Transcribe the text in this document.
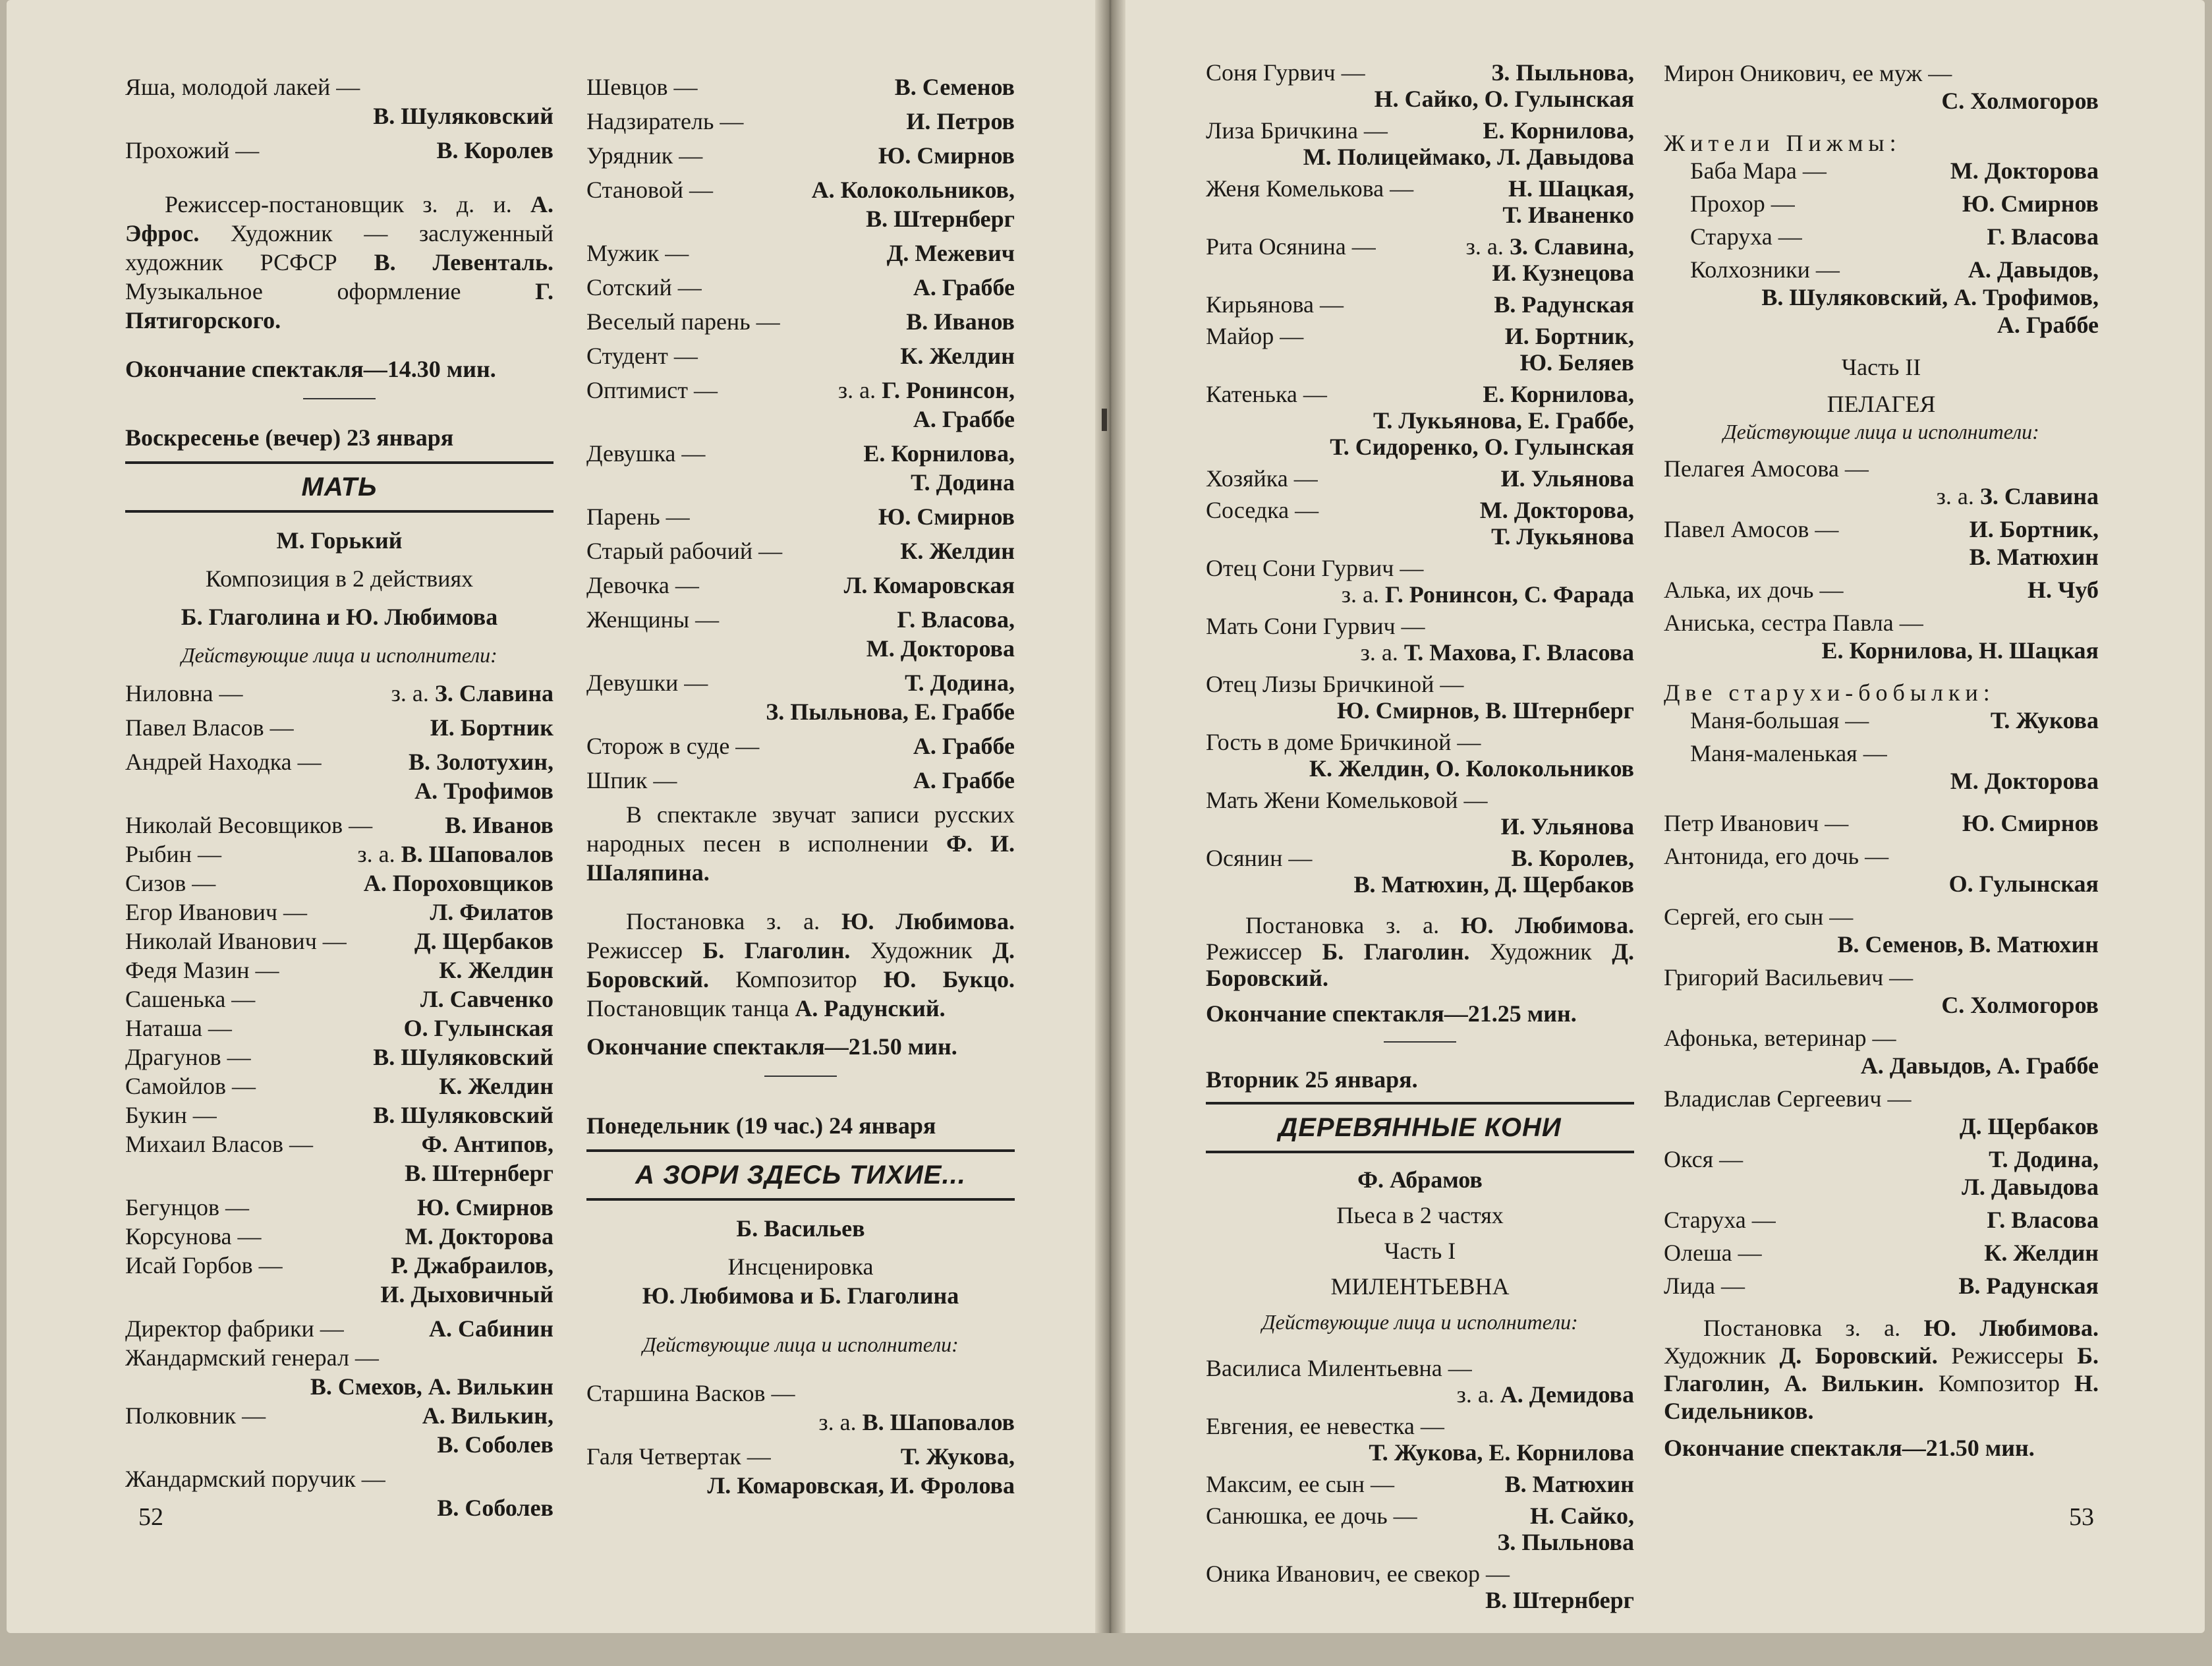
Яша, молодой лакей —
В. Шуляковский
Прохожий —	В. Королев
Режиссер-постановщик з. д. и. А. Эфрос. Художник — заслуженный художник РСФСР В. Левенталь. Музыкальное оформление Г. Пятигорского.
Окончание спектакля—14.30 мин.
Воскресенье (вечер) 23 января
МАТЬ
М. Горький
Композиция в 2 действиях
Б. Глаголина и Ю. Любимова
Действующие лица и исполнители:
Ниловна —	з. а. З. Славина
Павел Власов —	И. Бортник
Андрей Находка —	В. Золотухин,
А. Трофимов
Николай Весовщиков —	В. Иванов
Рыбин —	з. а. В. Шаповалов
Сизов —	А. Пороховщиков
Егор Иванович —	Л. Филатов
Николай Иванович —	Д. Щербаков
Федя Мазин —	К. Желдин
Сашенька —	Л. Савченко
Наташа —	О. Гулынская
Драгунов —	В. Шуляковский
Самойлов —	К. Желдин
Букин —	В. Шуляковский
Михаил Власов —	Ф. Антипов,
В. Штернберг
Бегунцов —	Ю. Смирнов
Корсунова —	М. Докторова
Исай Горбов —	Р. Джабраилов,
И. Дыховичный
Директор фабрики —	А. Сабинин
Жандармский генерал —
В. Смехов, А. Вилькин
Полковник —	А. Вилькин,
В. Соболев
Жандармский поручик —
В. Соболев
Шевцов —	В. Семенов
Надзиратель —	И. Петров
Урядник —	Ю. Смирнов
Становой —	А. Колокольников,
В. Штернберг
Мужик —	Д. Межевич
Сотский —	А. Граббе
Веселый парень —	В. Иванов
Студент —	К. Желдин
Оптимист —	з. а. Г. Ронинсон,
А. Граббе
Девушка —	Е. Корнилова,
Т. Додина
Парень —	Ю. Смирнов
Старый рабочий —	К. Желдин
Девочка —	Л. Комаровская
Женщины —	Г. Власова,
М. Докторова
Девушки —	Т. Додина,
З. Пыльнова, Е. Граббе
Сторож в суде —	А. Граббе
Шпик —	А. Граббе
В спектакле звучат записи русских народных песен в исполнении Ф. И. Шаляпина.
Постановка з. а. Ю. Любимова. Режиссер Б. Глаголин. Художник Д. Боровский. Композитор Ю. Букцо. Постановщик танца А. Радунский.
Окончание спектакля—21.50 мин.
Понедельник (19 час.) 24 января
А ЗОРИ ЗДЕСЬ ТИХИЕ...
Б. Васильев
Инсценировка
Ю. Любимова и Б. Глаголина
Действующие лица и исполнители:
Старшина Васков —
з. а. В. Шаповалов
Галя Четвертак —	Т. Жукова,
Л. Комаровская, И. Фролова
Соня Гурвич —	З. Пыльнова,
Н. Сайко, О. Гулынская
Лиза Бричкина —	Е. Корнилова,
М. Полицеймако, Л. Давыдова
Женя Комелькова —	Н. Шацкая,
Т. Иваненко
Рита Осянина —	з. а. З. Славина,
И. Кузнецова
Кирьянова —	В. Радунская
Майор —	И. Бортник,
Ю. Беляев
Катенька —	Е. Корнилова,
Т. Лукьянова, Е. Граббе,
Т. Сидоренко, О. Гулынская
Хозяйка —	И. Ульянова
Соседка —	М. Докторова,
Т. Лукьянова
Отец Сони Гурвич —
з. а. Г. Ронинсон, С. Фарада
Мать Сони Гурвич —
з. а. Т. Махова, Г. Власова
Отец Лизы Бричкиной —
Ю. Смирнов, В. Штернберг
Гость в доме Бричкиной —
К. Желдин, О. Колокольников
Мать Жени Комельковой —
И. Ульянова
Осянин —	В. Королев,
В. Матюхин, Д. Щербаков
Постановка з. а. Ю. Любимова. Режиссер Б. Глаголин. Художник Д. Боровский.
Окончание спектакля—21.25 мин.
Вторник 25 января.
ДЕРЕВЯННЫЕ КОНИ
Ф. Абрамов
Пьеса в 2 частях
Часть I
МИЛЕНТЬЕВНА
Действующие лица и исполнители:
Василиса Милентьевна —
з. а. А. Демидова
Евгения, ее невестка —
Т. Жукова, Е. Корнилова
Максим, ее сын —	В. Матюхин
Санюшка, ее дочь —	Н. Сайко,
З. Пыльнова
Оника Иванович, ее свекор —
В. Штернберг
Мирон Оникович, ее муж —
С. Холмогоров
Жители Пижмы:
Баба Мара —	М. Докторова
Прохор —	Ю. Смирнов
Старуха —	Г. Власова
Колхозники —	А. Давыдов,
В. Шуляковский, А. Трофимов,
А. Граббе
Часть II
ПЕЛАГЕЯ
Действующие лица и исполнители:
Пелагея Амосова —
з. а. З. Славина
Павел Амосов —	И. Бортник,
В. Матюхин
Алька, их дочь —	Н. Чуб
Аниська, сестра Павла —
Е. Корнилова, Н. Шацкая
Две старухи-бобылки:
Маня-большая —	Т. Жукова
Маня-маленькая —
М. Докторова
Петр Иванович —	Ю. Смирнов
Антонида, его дочь —
О. Гулынская
Сергей, его сын —
В. Семенов, В. Матюхин
Григорий Васильевич —
С. Холмогоров
Афонька, ветеринар —
А. Давыдов, А. Граббе
Владислав Сергеевич —
Д. Щербаков
Окся —	Т. Додина,
Л. Давыдова
Старуха —	Г. Власова
Олеша —	К. Желдин
Лида —	В. Радунская
Постановка з. а. Ю. Любимова. Художник Д. Боровский. Режиссеры Б. Глаголин, А. Вилькин. Композитор Н. Сидельников.
Окончание спектакля—21.50 мин.
52	53
